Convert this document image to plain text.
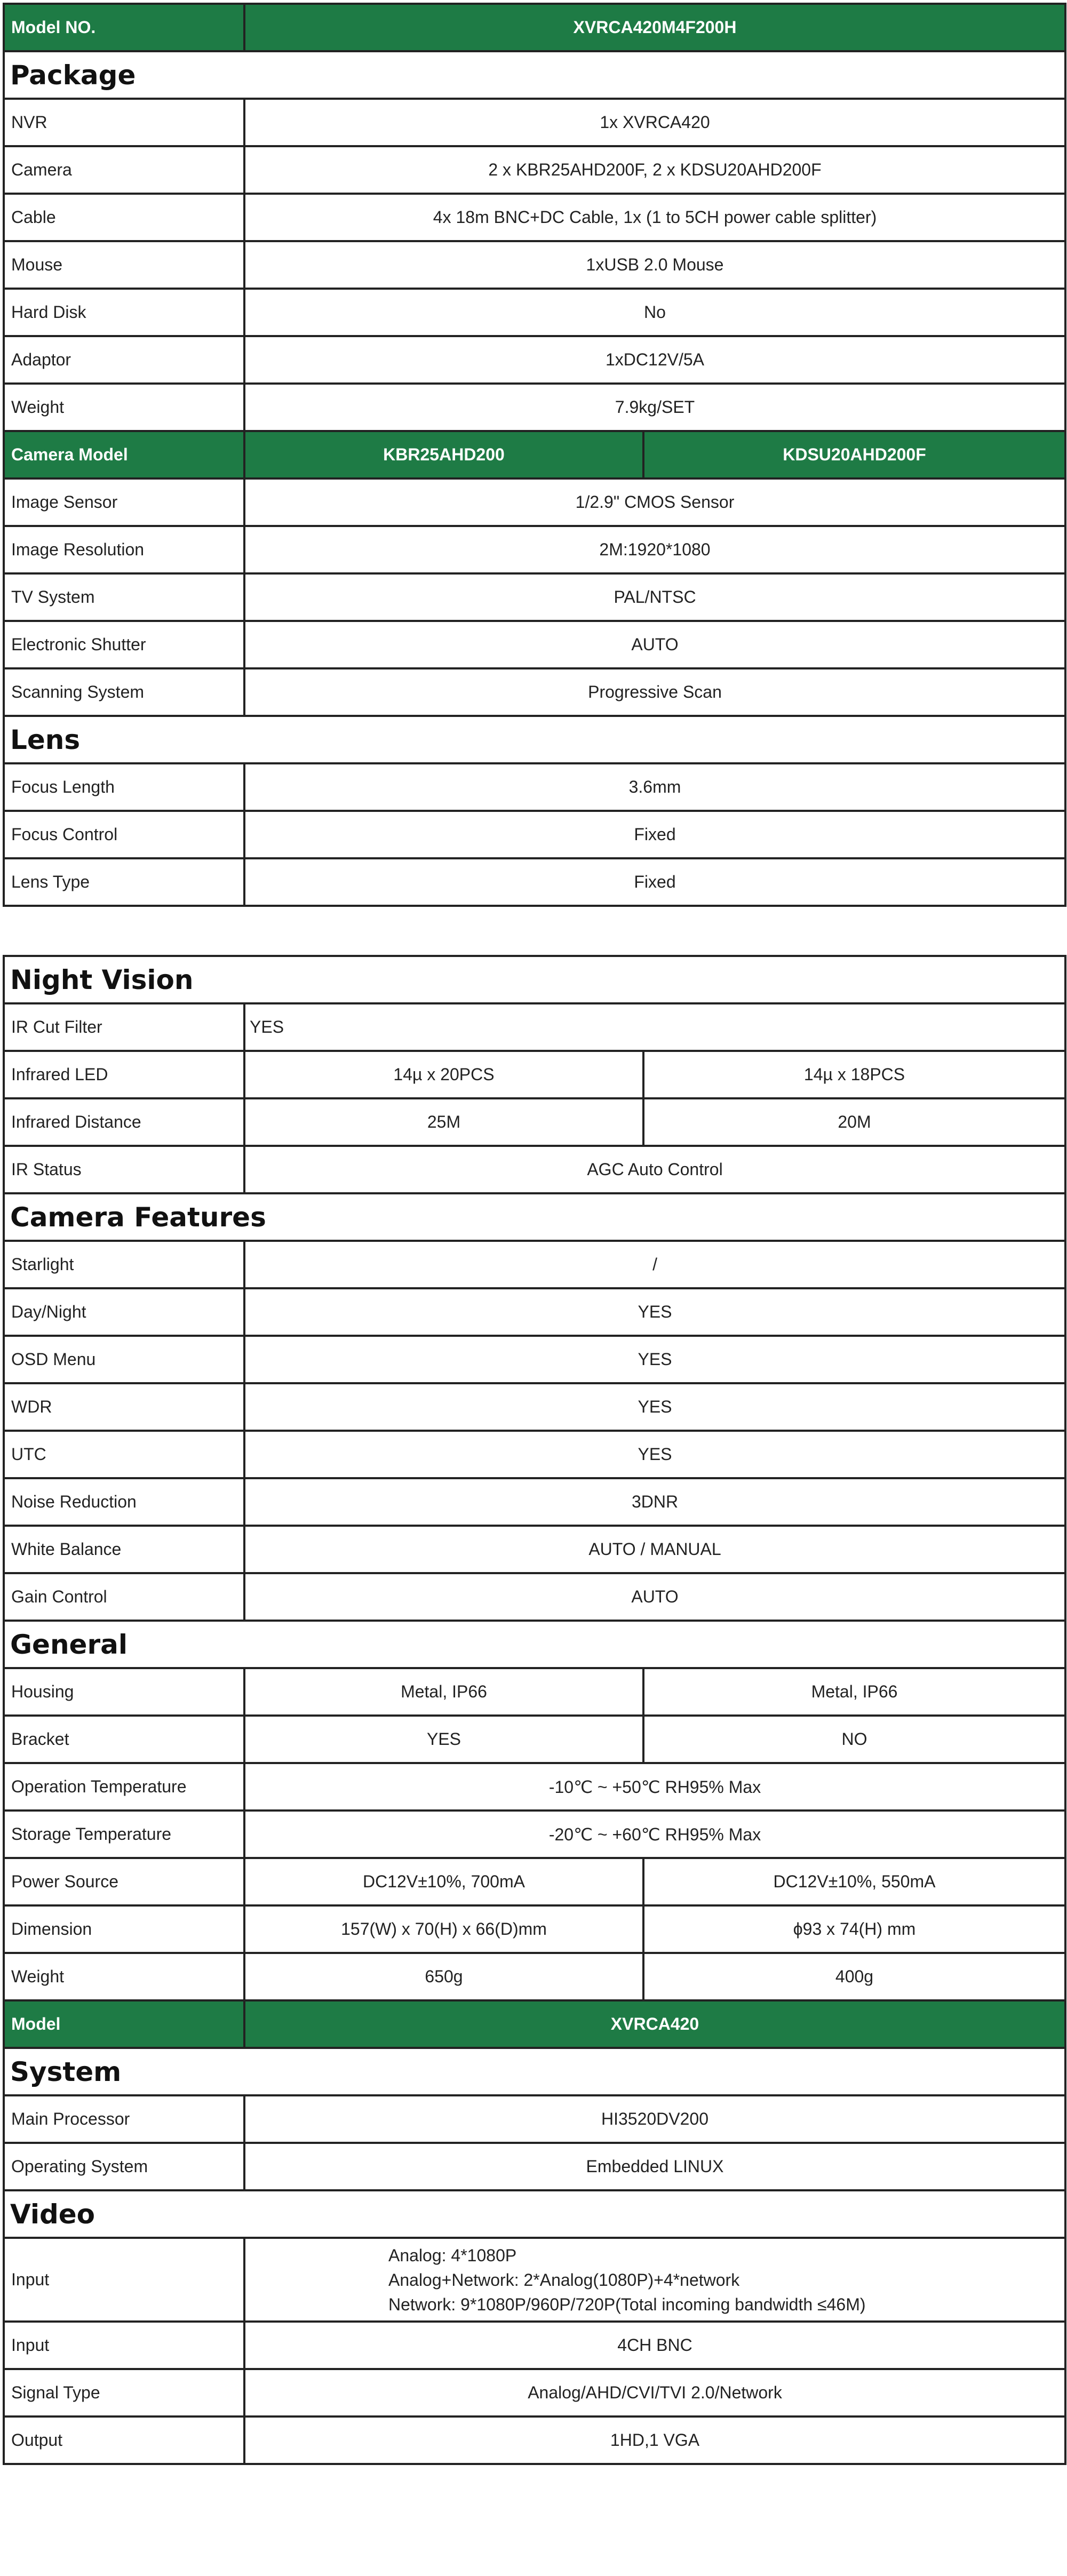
Model NO.	XVRCA420M4F200H	
Package		
NVR	1x XVRCA420	
Camera	2 x KBR25AHD200F, 2 x KDSU20AHD200F	
Cable	4x 18m BNC+DC Cable, 1x (1 to 5CH power cable splitter)	
Mouse	1xUSB 2.0 Mouse	
Hard Disk	No	
Adaptor	1xDC12V/5A	
Weight	7.9kg/SET	
Camera Model	KBR25AHD200	KDSU20AHD200F
Image Sensor	1/2.9" CMOS Sensor	
Image Resolution	2M:1920*1080	
TV System	PAL/NTSC	
Electronic Shutter	AUTO	
Scanning System	Progressive Scan	
Lens		
Focus Length	3.6mm	
Focus Control	Fixed	
Lens Type	Fixed	
Night Vision		
IR Cut Filter	YES	
Infrared LED	14µ x 20PCS	14µ x 18PCS
Infrared Distance	25M	20M
IR Status	AGC Auto Control	
Camera Features		
Starlight	/	
Day/Night	YES	
OSD Menu	YES	
WDR	YES	
UTC	YES	
Noise Reduction	3DNR	
White Balance	AUTO / MANUAL	
Gain Control	AUTO	
General		
Housing	Metal, IP66	Metal, IP66
Bracket	YES	NO
Operation Temperature	-10℃ ~ +50℃ RH95% Max	
Storage Temperature	-20℃ ~ +60℃ RH95% Max	
Power Source	DC12V±10%, 700mA	DC12V±10%, 550mA
Dimension	157(W) x 70(H) x 66(D)mm	ϕ93 x 74(H) mm
Weight	650g	400g
Model	XVRCA420	
System		
Main Processor	HI3520DV200	
Operating System	Embedded LINUX	
Video		
Input	Analog: 4*1080P
Analog+Network: 2*Analog(1080P)+4*network
Network: 9*1080P/960P/720P(Total incoming bandwidth ≤46M)	

Input	4CH BNC	
Signal Type	Analog/AHD/CVI/TVI 2.0/Network	
Output	1HD,1 VGA	
